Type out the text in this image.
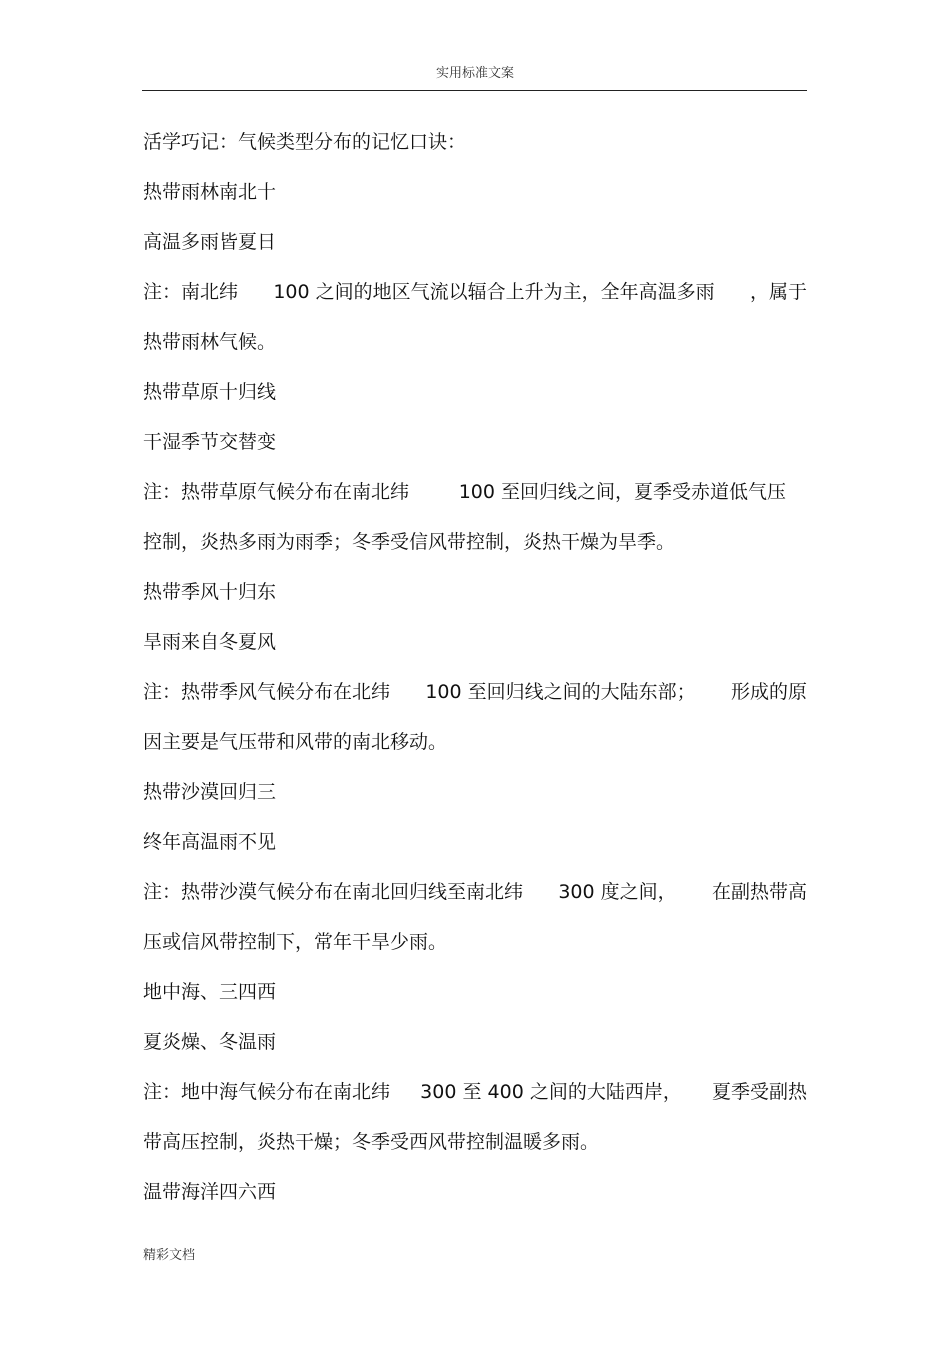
实用标准文案
活学巧记：气候类型分布的记忆口诀：
热带雨林南北十
高温多雨皆夏日
注：南北纬 100 之间的地区气流以辐合上升为主，全年高温多雨 ，属于
热带雨林气候。
热带草原十归线
干湿季节交替变
注：热带草原气候分布在南北纬	100 至回归线之间，夏季受赤道低气压
控制，炎热多雨为雨季；冬季受信风带控制，炎热干燥为旱季。
热带季风十归东
旱雨来自冬夏风
注：热带季风气候分布在北纬 100 至回归线之间的大陆东部； 形成的原
因主要是气压带和风带的南北移动。
热带沙漠回归三
终年高温雨不见
注：热带沙漠气候分布在南北回归线至南北纬 300 度之间， 在副热带高
压或信风带控制下，常年干旱少雨。
地中海、三四西
夏炎燥、冬温雨
注：地中海气候分布在南北纬 300 至 400 之间的大陆西岸， 夏季受副热
带高压控制，炎热干燥；冬季受西风带控制温暖多雨。
温带海洋四六西
精彩文档
